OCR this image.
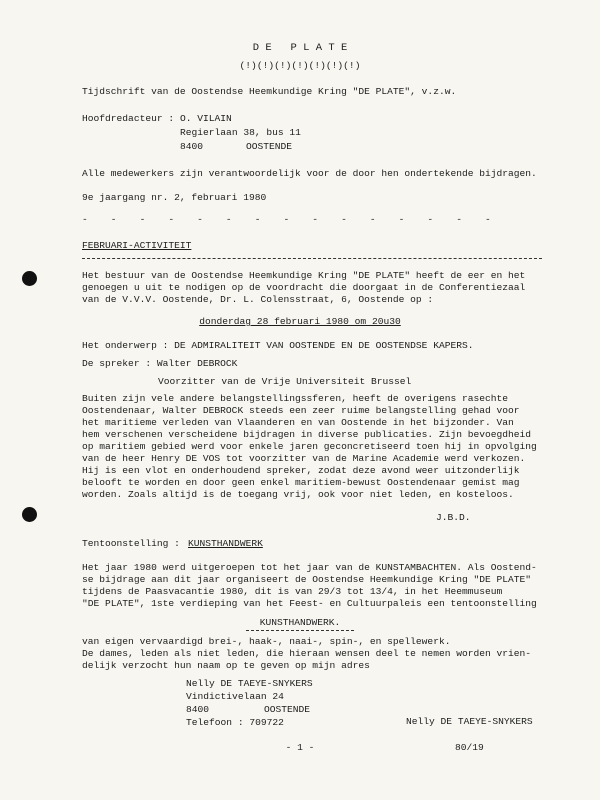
D E   P L A T E
(!)(!)(!)(!)(!)(!)(!)
Tijdschrift van de Oostendse Heemkundige Kring "DE PLATE", v.z.w.
Hoofdredacteur : O. VILAIN
Regierlaan 38, bus 11
8400	OOSTENDE
Alle medewerkers zijn verantwoordelijk voor de door hen ondertekende bijdragen.
9e jaargang nr. 2, februari 1980
-    -    -    -    -    -    -    -    -    -    -    -    -    -    -
FEBRUARI-ACTIVITEIT
Het bestuur van de Oostendse Heemkundige Kring "DE PLATE" heeft de eer en het
genoegen u uit te nodigen op de voordracht die doorgaat in de Conferentiezaal
van de V.V.V. Oostende, Dr. L. Colensstraat, 6, Oostende op :
donderdag 28 februari 1980 om 20u30
Het onderwerp : DE ADMIRALITEIT VAN OOSTENDE EN DE OOSTENDSE KAPERS.
De spreker : Walter DEBROCK
Voorzitter van de Vrije Universiteit Brussel
Buiten zijn vele andere belangstellingssferen, heeft de overigens rasechte
Oostendenaar, Walter DEBROCK steeds een zeer ruime belangstelling gehad voor
het maritieme verleden van Vlaanderen en van Oostende in het bijzonder. Van
hem verschenen verscheidene bijdragen in diverse publicaties. Zijn bevoegdheid
op maritiem gebied werd voor enkele jaren geconcretiseerd toen hij in opvolging
van de heer Henry DE VOS tot voorzitter van de Marine Academie werd verkozen.
Hij is een vlot en onderhoudend spreker, zodat deze avond weer uitzonderlijk
belooft te worden en door geen enkel maritiem-bewust Oostendenaar gemist mag
worden. Zoals altijd is de toegang vrij, ook voor niet leden, en kosteloos.
J.B.D.
Tentoonstelling : KUNSTHANDWERK
Het jaar 1980 werd uitgeroepen tot het jaar van de KUNSTAMBACHTEN. Als Oostend-
se bijdrage aan dit jaar organiseert de Oostendse Heemkundige Kring "DE PLATE"
tijdens de Paasvacantie 1980, dit is van 29/3 tot 13/4, in het Heemmuseum
"DE PLATE", 1ste verdieping van het Feest- en Cultuurpaleis een tentoonstelling
KUNSTHANDWERK.
van eigen vervaardigd brei-, haak-, naai-, spin-, en spellewerk.
De dames, leden als niet leden, die hieraan wensen deel te nemen worden vrien-
delijk verzocht hun naam op te geven op mijn adres
Nelly DE TAEYE-SNYKERS
Vindictivelaan 24
8400	OOSTENDE
Telefoon : 709722	Nelly DE TAEYE-SNYKERS
- 1 -	80/19
